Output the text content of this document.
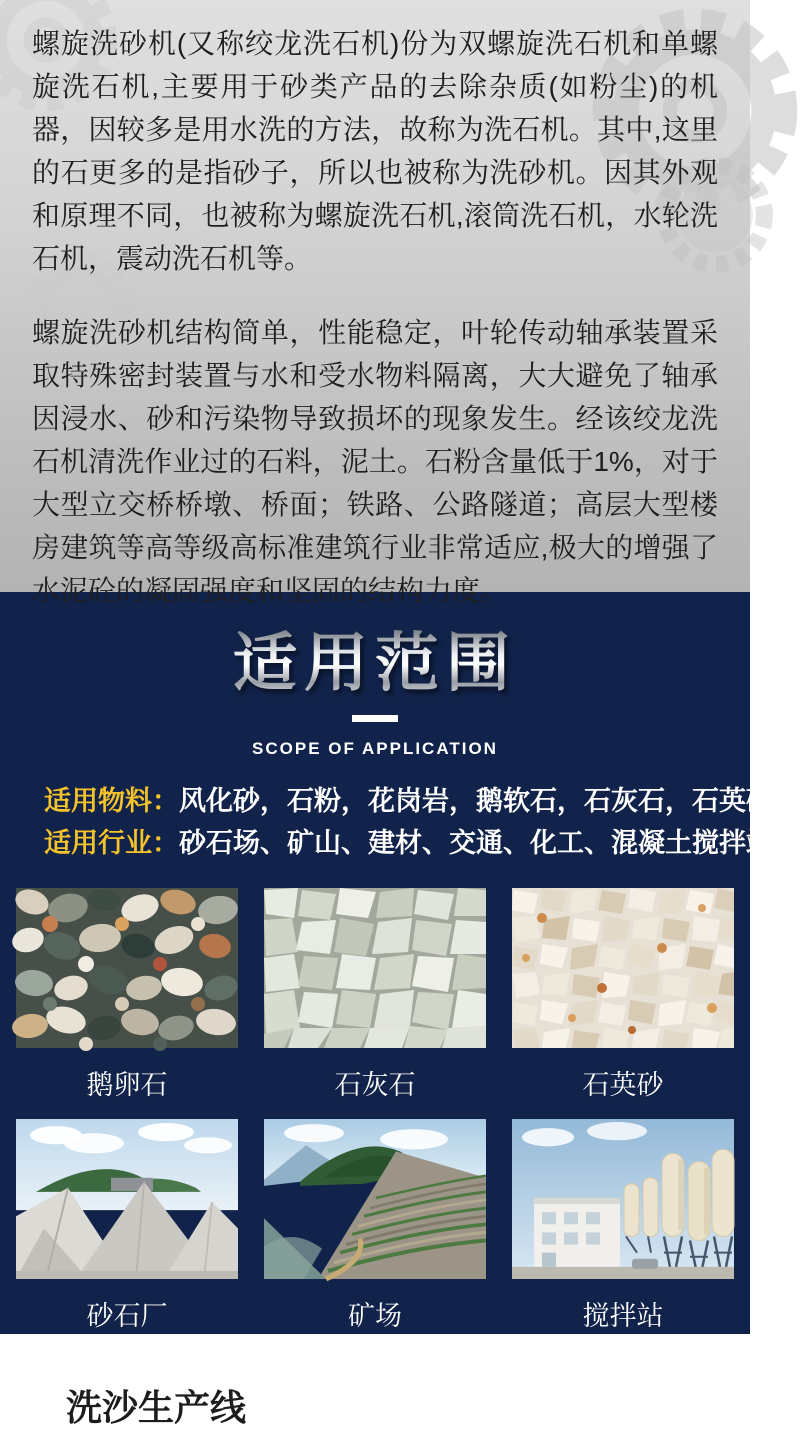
螺旋洗砂机(又称绞龙洗石机)份为双螺旋洗石机和单螺旋洗石机,主要用于砂类产品的去除杂质(如粉尘)的机器，因较多是用水洗的方法，故称为洗石机。其中,这里的石更多的是指砂子，所以也被称为洗砂机。因其外观和原理不同，也被称为螺旋洗石机,滚筒洗石机，水轮洗石机，震动洗石机等。

螺旋洗砂机结构简单，性能稳定，叶轮传动轴承装置采取特殊密封装置与水和受水物料隔离，大大避免了轴承因浸水、砂和污染物导致损坏的现象发生。经该绞龙洗石机清洗作业过的石料，泥土。石粉含量低于1%，对于大型立交桥桥墩、桥面；铁路、公路隧道；高层大型楼房建筑等高等级高标准建筑行业非常适应,极大的增强了水泥砼的凝固强度和坚固的结构力度。

适用范围
SCOPE OF APPLICATION
适用物料：风化砂，石粉，花岗岩，鹅软石，石灰石，石英砂等
适用行业：砂石场、矿山、建材、交通、化工、混凝土搅拌站等
鹅卵石	石灰石	石英砂
砂石厂	矿场	搅拌站
洗沙生产线
